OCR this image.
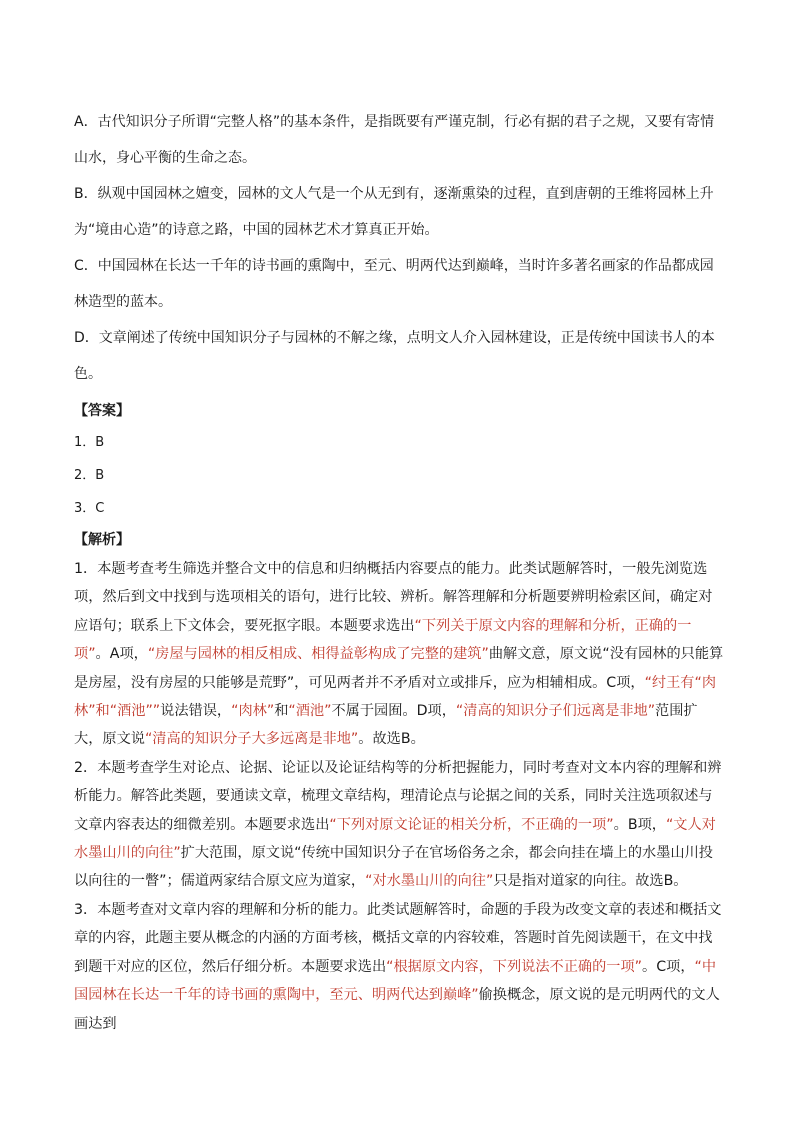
A．古代知识分子所谓“完整人格”的基本条件，是指既要有严谨克制，行必有据的君子之规，又要有寄情山水，身心平衡的生命之态。

B．纵观中国园林之嬗变，园林的文人气是一个从无到有，逐渐熏染的过程，直到唐朝的王维将园林上升为“境由心造”的诗意之路，中国的园林艺术才算真正开始。

C．中国园林在长达一千年的诗书画的熏陶中，至元、明两代达到巅峰，当时许多著名画家的作品都成园林造型的蓝本。

D．文章阐述了传统中国知识分子与园林的不解之缘，点明文人介入园林建设，正是传统中国读书人的本色。

【答案】

1．B

2．B

3．C

【解析】

1．本题考查考生筛选并整合文中的信息和归纳概括内容要点的能力。此类试题解答时，一般先浏览选项，然后到文中找到与选项相关的语句，进行比较、辨析。解答理解和分析题要辨明检索区间，确定对应语句；联系上下文体会，要死抠字眼。本题要求选出“下列关于原文内容的理解和分析，正确的一项”。A项，“房屋与园林的相反相成、相得益彰构成了完整的建筑”曲解文意，原文说“没有园林的只能算是房屋，没有房屋的只能够是荒野”，可见两者并不矛盾对立或排斥，应为相辅相成。C项，“纣王有“肉林”和“酒池””说法错误，“肉林”和“酒池”不属于园囿。D项，“清高的知识分子们远离是非地”范围扩大，原文说“清高的知识分子大多远离是非地”。故选B。

2．本题考查学生对论点、论据、论证以及论证结构等的分析把握能力，同时考查对文本内容的理解和辨析能力。解答此类题，要通读文章，梳理文章结构，理清论点与论据之间的关系，同时关注选项叙述与文章内容表达的细微差别。本题要求选出“下列对原文论证的相关分析，不正确的一项”。B项，“文人对水墨山川的向往”扩大范围，原文说“传统中国知识分子在官场俗务之余，都会向挂在墙上的水墨山川投以向往的一瞥”；儒道两家结合原文应为道家，“对水墨山川的向往”只是指对道家的向往。故选B。

3．本题考查对文章内容的理解和分析的能力。此类试题解答时，命题的手段为改变文章的表述和概括文章的内容，此题主要从概念的内涵的方面考核，概括文章的内容较难，答题时首先阅读题干，在文中找到题干对应的区位，然后仔细分析。本题要求选出“根据原文内容，下列说法不正确的一项”。C项，“中国园林在长达一千年的诗书画的熏陶中，至元、明两代达到巅峰”偷换概念，原文说的是元明两代的文人画达到
